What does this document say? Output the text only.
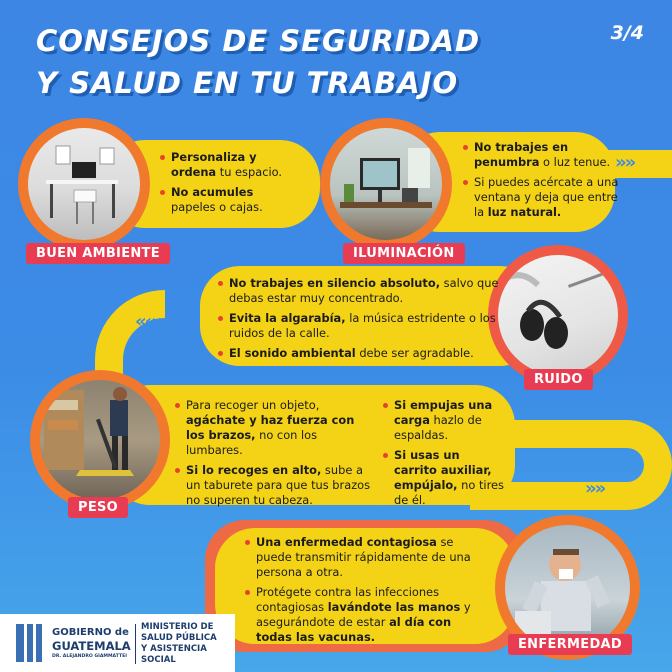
CONSEJOS DE SEGURIDAD
Y SALUD EN TU TRABAJO
3/4
»»
««««
»»
BUEN AMBIENTE
Personaliza y ordena tu espacio.
No acumules papeles o cajas.
ILUMINACIÓN
No trabajes en penumbra o luz tenue.
Si puedes acércate a una ventana y deja que entre la luz natural.
RUIDO
No trabajes en silencio absoluto, salvo que debas estar muy concentrado.
Evita la algarabía, la música estridente o los ruidos de la calle.
El sonido ambiental debe ser agradable.
PESO
Para recoger un objeto, agáchate y haz fuerza con los brazos, no con los lumbares.
Si lo recoges en alto, sube a un taburete para que tus brazos no superen tu cabeza.
Si empujas una carga hazlo de espaldas.
Si usas un carrito auxiliar, empújalo, no tires de él.
ENFERMEDAD
Una enfermedad contagiosa se puede transmitir rápidamente de una persona a otra.
Protégete contra las infecciones contagiosas lavándote las manos y asegurándote de estar al día con todas las vacunas.
GOBIERNO de
GUATEMALA
DR. ALEJANDRO GIAMMATTEI
MINISTERIO DE
SALUD PÚBLICA
Y ASISTENCIA
SOCIAL
